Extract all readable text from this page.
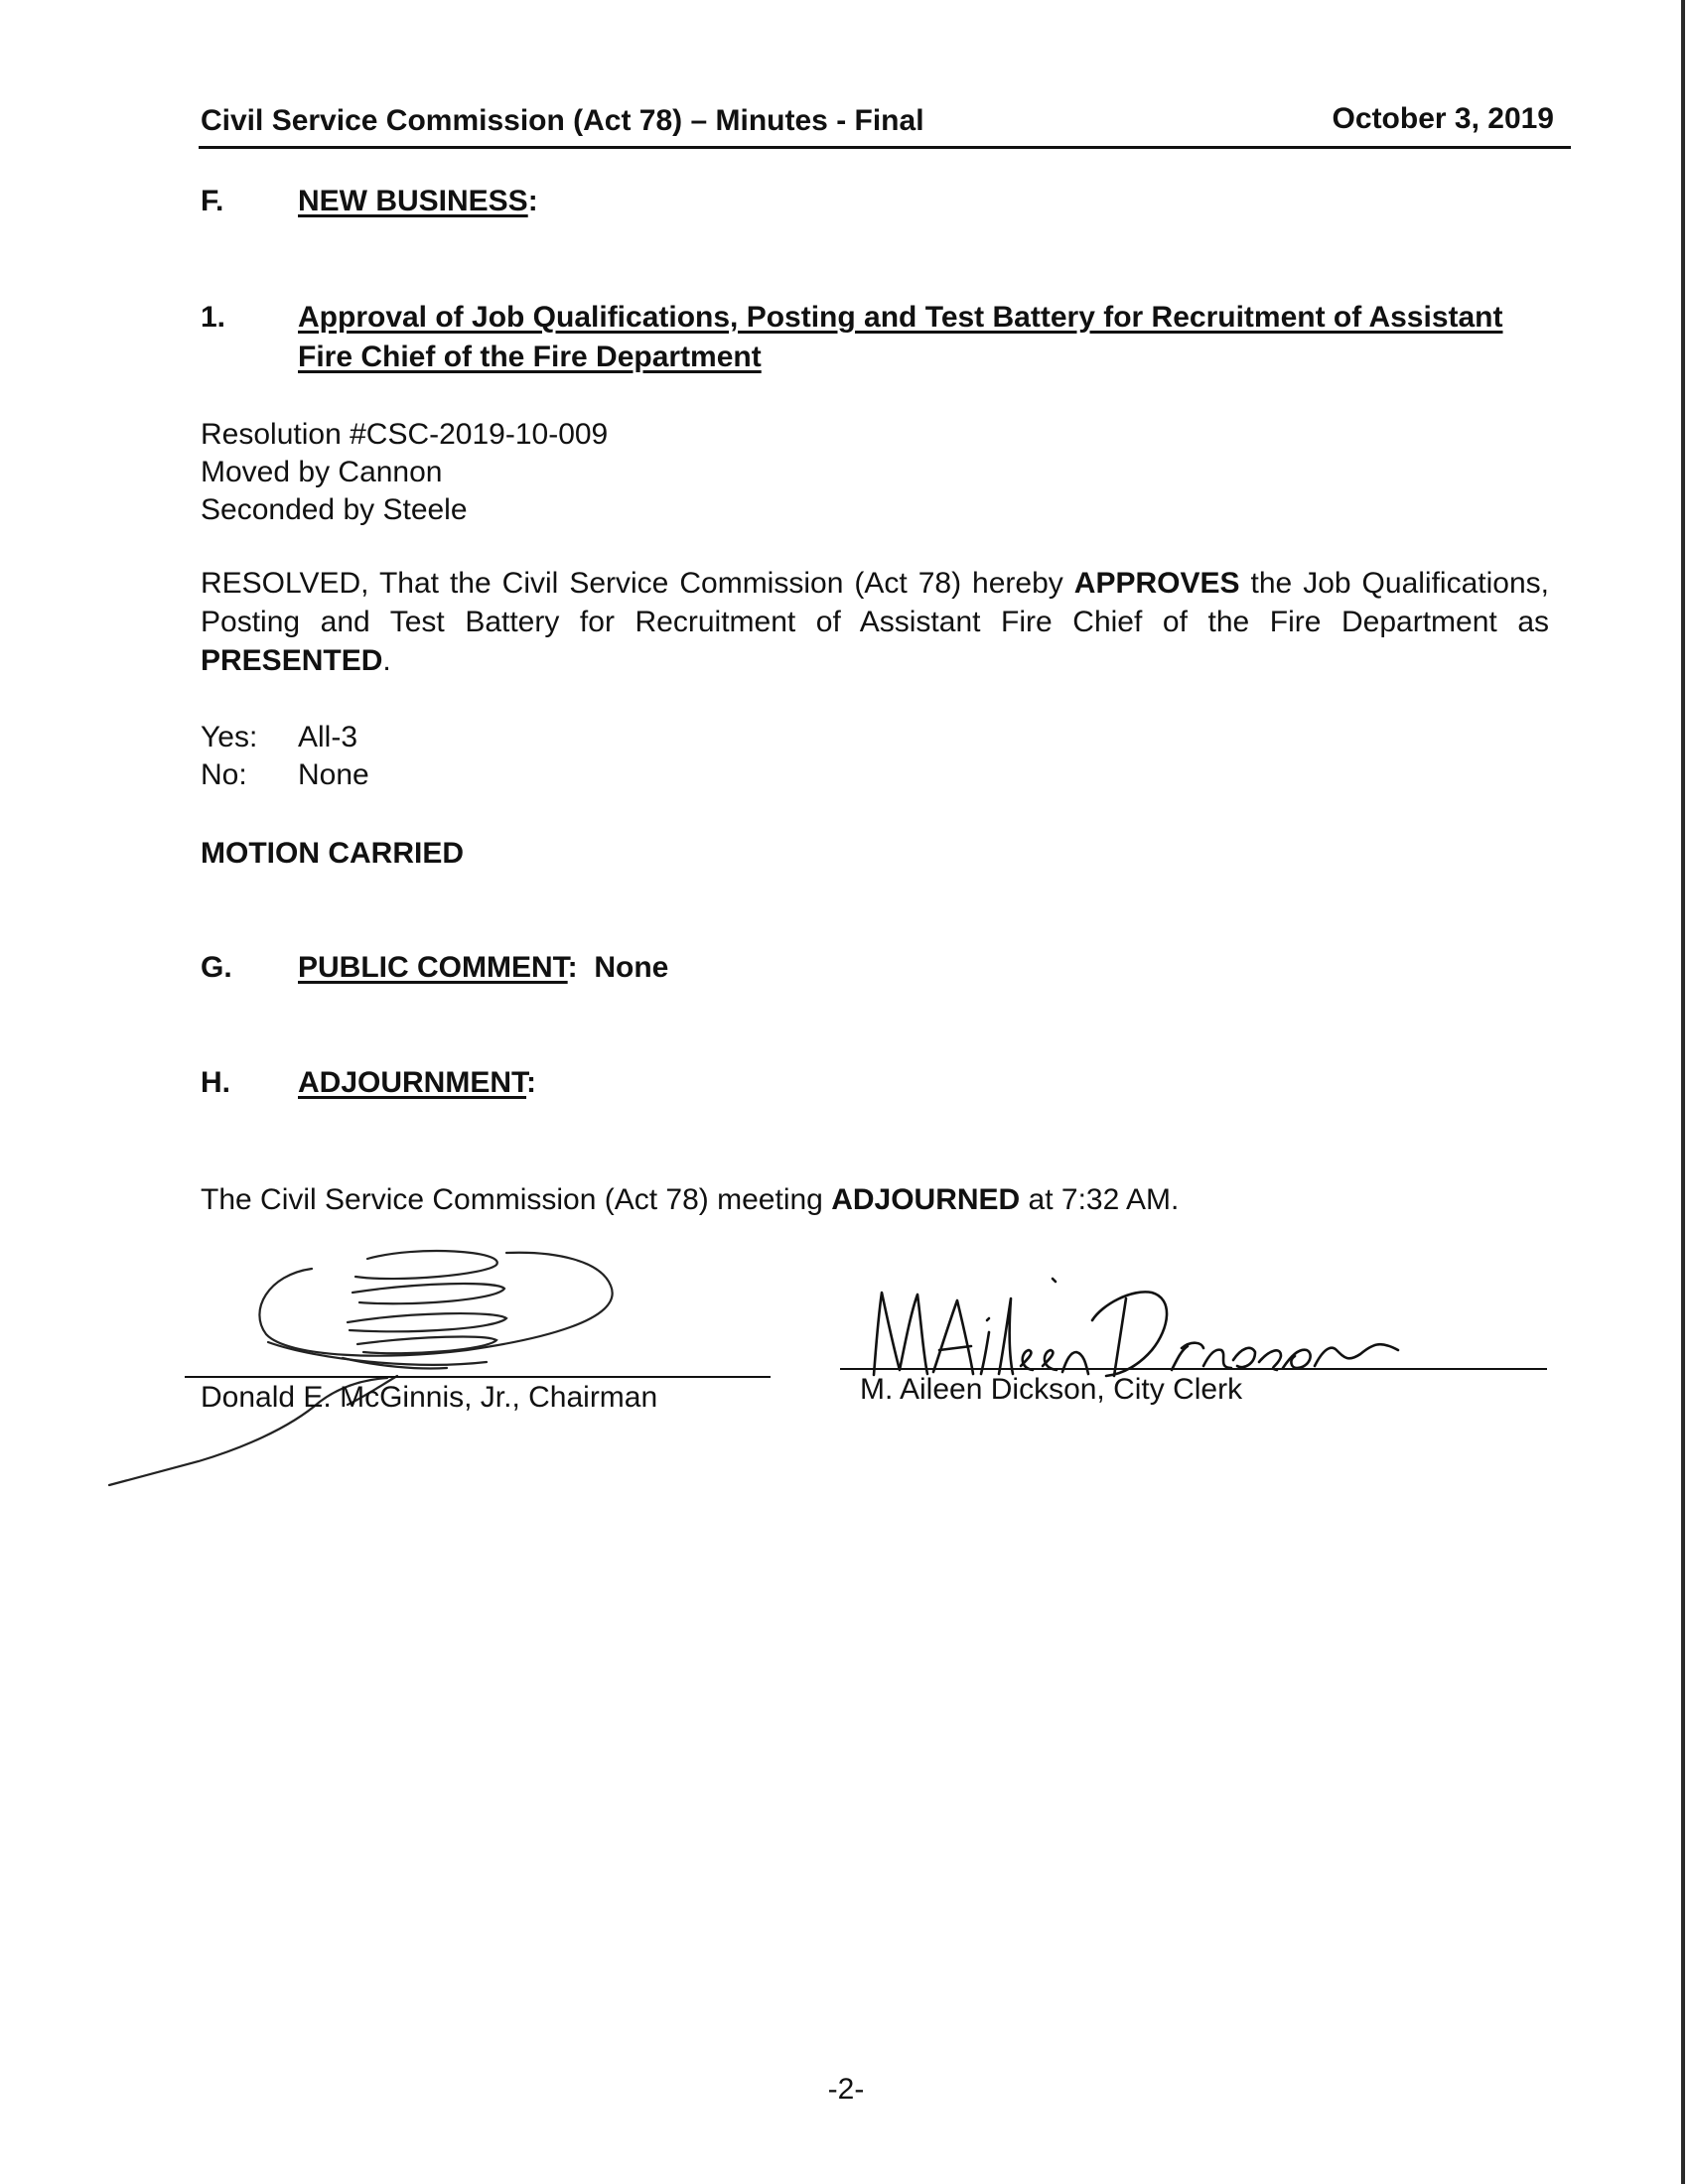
Civil Service Commission (Act 78) – Minutes - Final	October 3, 2019
F. NEW BUSINESS:
1. Approval of Job Qualifications, Posting and Test Battery for Recruitment of Assistant Fire Chief of the Fire Department
Resolution #CSC-2019-10-009
Moved by Cannon
Seconded by Steele
RESOLVED, That the Civil Service Commission (Act 78) hereby APPROVES the Job Qualifications, Posting and Test Battery for Recruitment of Assistant Fire Chief of the Fire Department as PRESENTED.
Yes: All-3
No: None
MOTION CARRIED
G. PUBLIC COMMENT: None
H. ADJOURNMENT:
The Civil Service Commission (Act 78) meeting ADJOURNED at 7:32 AM.
Donald E. McGinnis, Jr., Chairman	M. Aileen Dickson, City Clerk
-2-
